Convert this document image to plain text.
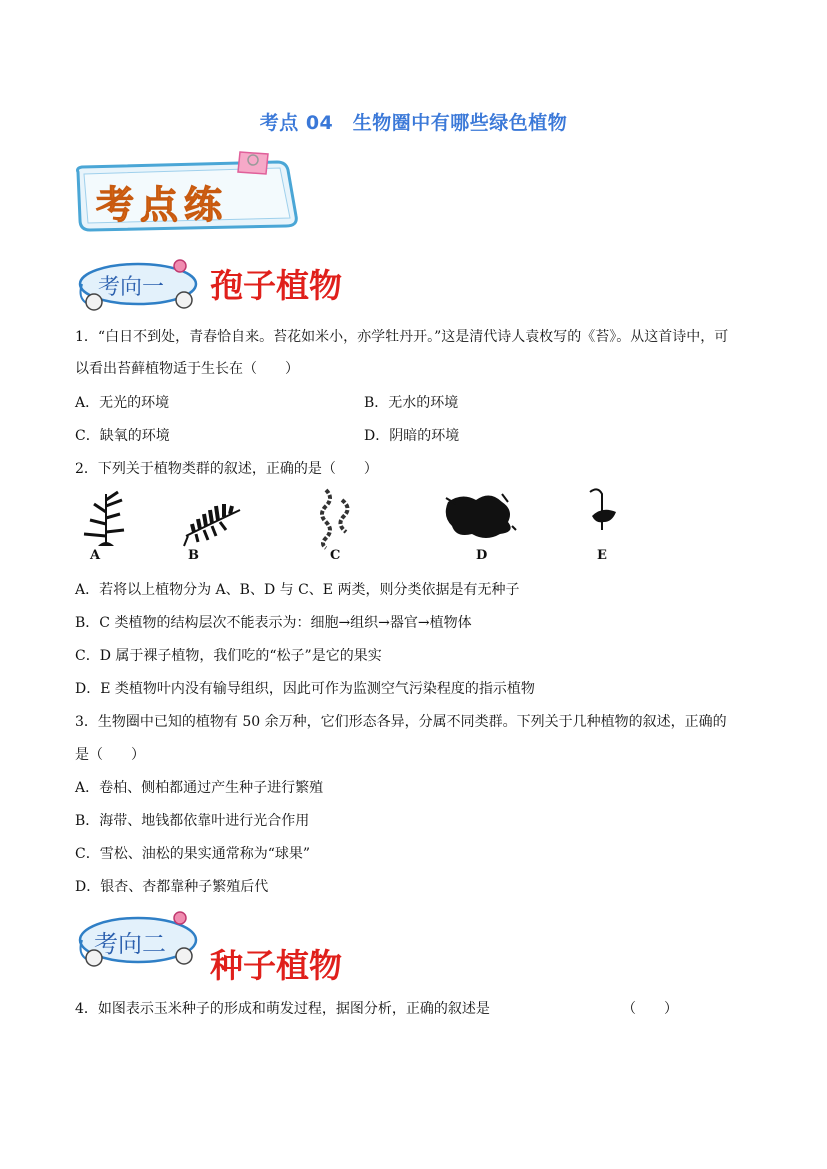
考点 04　生物圈中有哪些绿色植物
考点练
考向一 孢子植物
1．“白日不到处，青春恰自来。苔花如米小，亦学牡丹开。”这是清代诗人袁枚写的《苔》。从这首诗中，可
以看出苔藓植物适于生长在（　　）
A．无光的环境	B．无水的环境
C．缺氧的环境	D．阴暗的环境
2．下列关于植物类群的叙述，正确的是（　　）
A	B	C	D	E
A．若将以上植物分为 A、B、D 与 C、E 两类，则分类依据是有无种子
B．C 类植物的结构层次不能表示为：细胞→组织→器官→植物体
C．D 属于裸子植物，我们吃的“松子”是它的果实
D．E 类植物叶内没有输导组织，因此可作为监测空气污染程度的指示植物
3．生物圈中已知的植物有 50 余万种，它们形态各异，分属不同类群。下列关于几种植物的叙述，正确的
是（　　）
A．卷柏、侧柏都通过产生种子进行繁殖
B．海带、地钱都依靠叶进行光合作用
C．雪松、油松的果实通常称为“球果”
D．银杏、杏都靠种子繁殖后代
考向二
种子植物
4．如图表示玉米种子的形成和萌发过程，据图分析，正确的叙述是	（　　）
